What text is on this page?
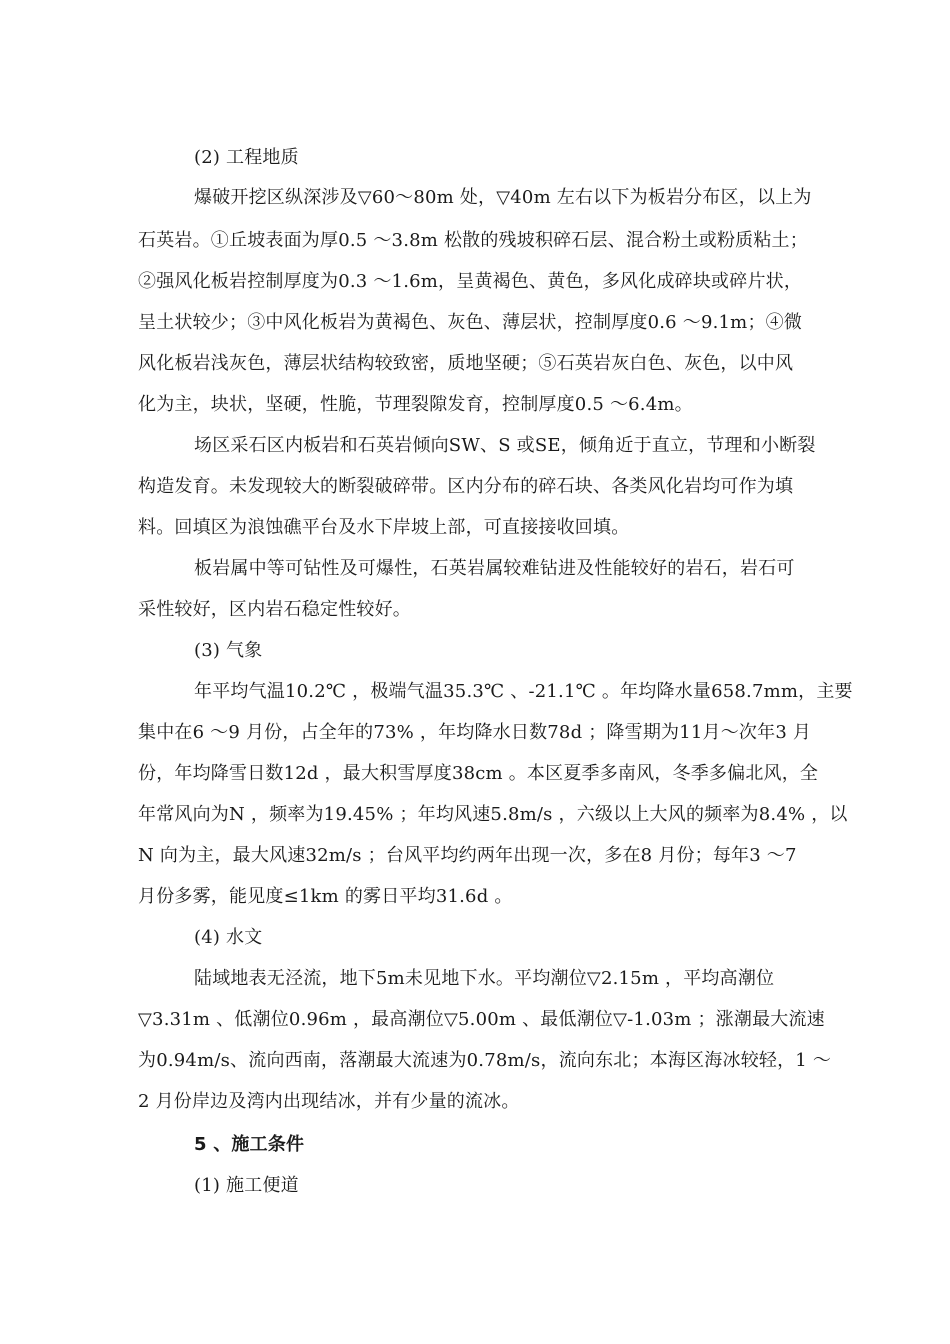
(2) 工程地质
爆破开挖区纵深涉及▽60～80m 处，▽40m 左右以下为板岩分布区，以上为
石英岩。①丘坡表面为厚0.5 ～3.8m 松散的残坡积碎石层、混合粉土或粉质粘土；
②强风化板岩控制厚度为0.3 ～1.6m，呈黄褐色、黄色，多风化成碎块或碎片状，
呈土状较少；③中风化板岩为黄褐色、灰色、薄层状，控制厚度0.6 ～9.1m；④微
风化板岩浅灰色，薄层状结构较致密，质地坚硬；⑤石英岩灰白色、灰色，以中风
化为主，块状，坚硬，性脆，节理裂隙发育，控制厚度0.5 ～6.4m。
场区采石区内板岩和石英岩倾向SW、S 或SE，倾角近于直立，节理和小断裂
构造发育。未发现较大的断裂破碎带。区内分布的碎石块、各类风化岩均可作为填
料。回填区为浪蚀礁平台及水下岸坡上部，可直接接收回填。
板岩属中等可钻性及可爆性，石英岩属较难钻进及性能较好的岩石，岩石可
采性较好，区内岩石稳定性较好。
(3) 气象
年平均气温10.2℃ ，极端气温35.3℃ 、-21.1℃ 。年均降水量658.7mm，主要
集中在6 ～9 月份，占全年的73% ，年均降水日数78d ；降雪期为11月～次年3 月
份，年均降雪日数12d ，最大积雪厚度38cm 。本区夏季多南风，冬季多偏北风，全
年常风向为N ，频率为19.45% ；年均风速5.8m/s ，六级以上大风的频率为8.4% ，以
N 向为主，最大风速32m/s ；台风平均约两年出现一次，多在8 月份；每年3 ～7
月份多雾，能见度≤1km 的雾日平均31.6d 。
(4) 水文
陆域地表无泾流，地下5m未见地下水。平均潮位▽2.15m ，平均高潮位
▽3.31m 、低潮位0.96m ，最高潮位▽5.00m 、最低潮位▽-1.03m ；涨潮最大流速
为0.94m/s、流向西南，落潮最大流速为0.78m/s，流向东北；本海区海冰较轻，1 ～
2 月份岸边及湾内出现结冰，并有少量的流冰。
5 、施工条件
(1) 施工便道
